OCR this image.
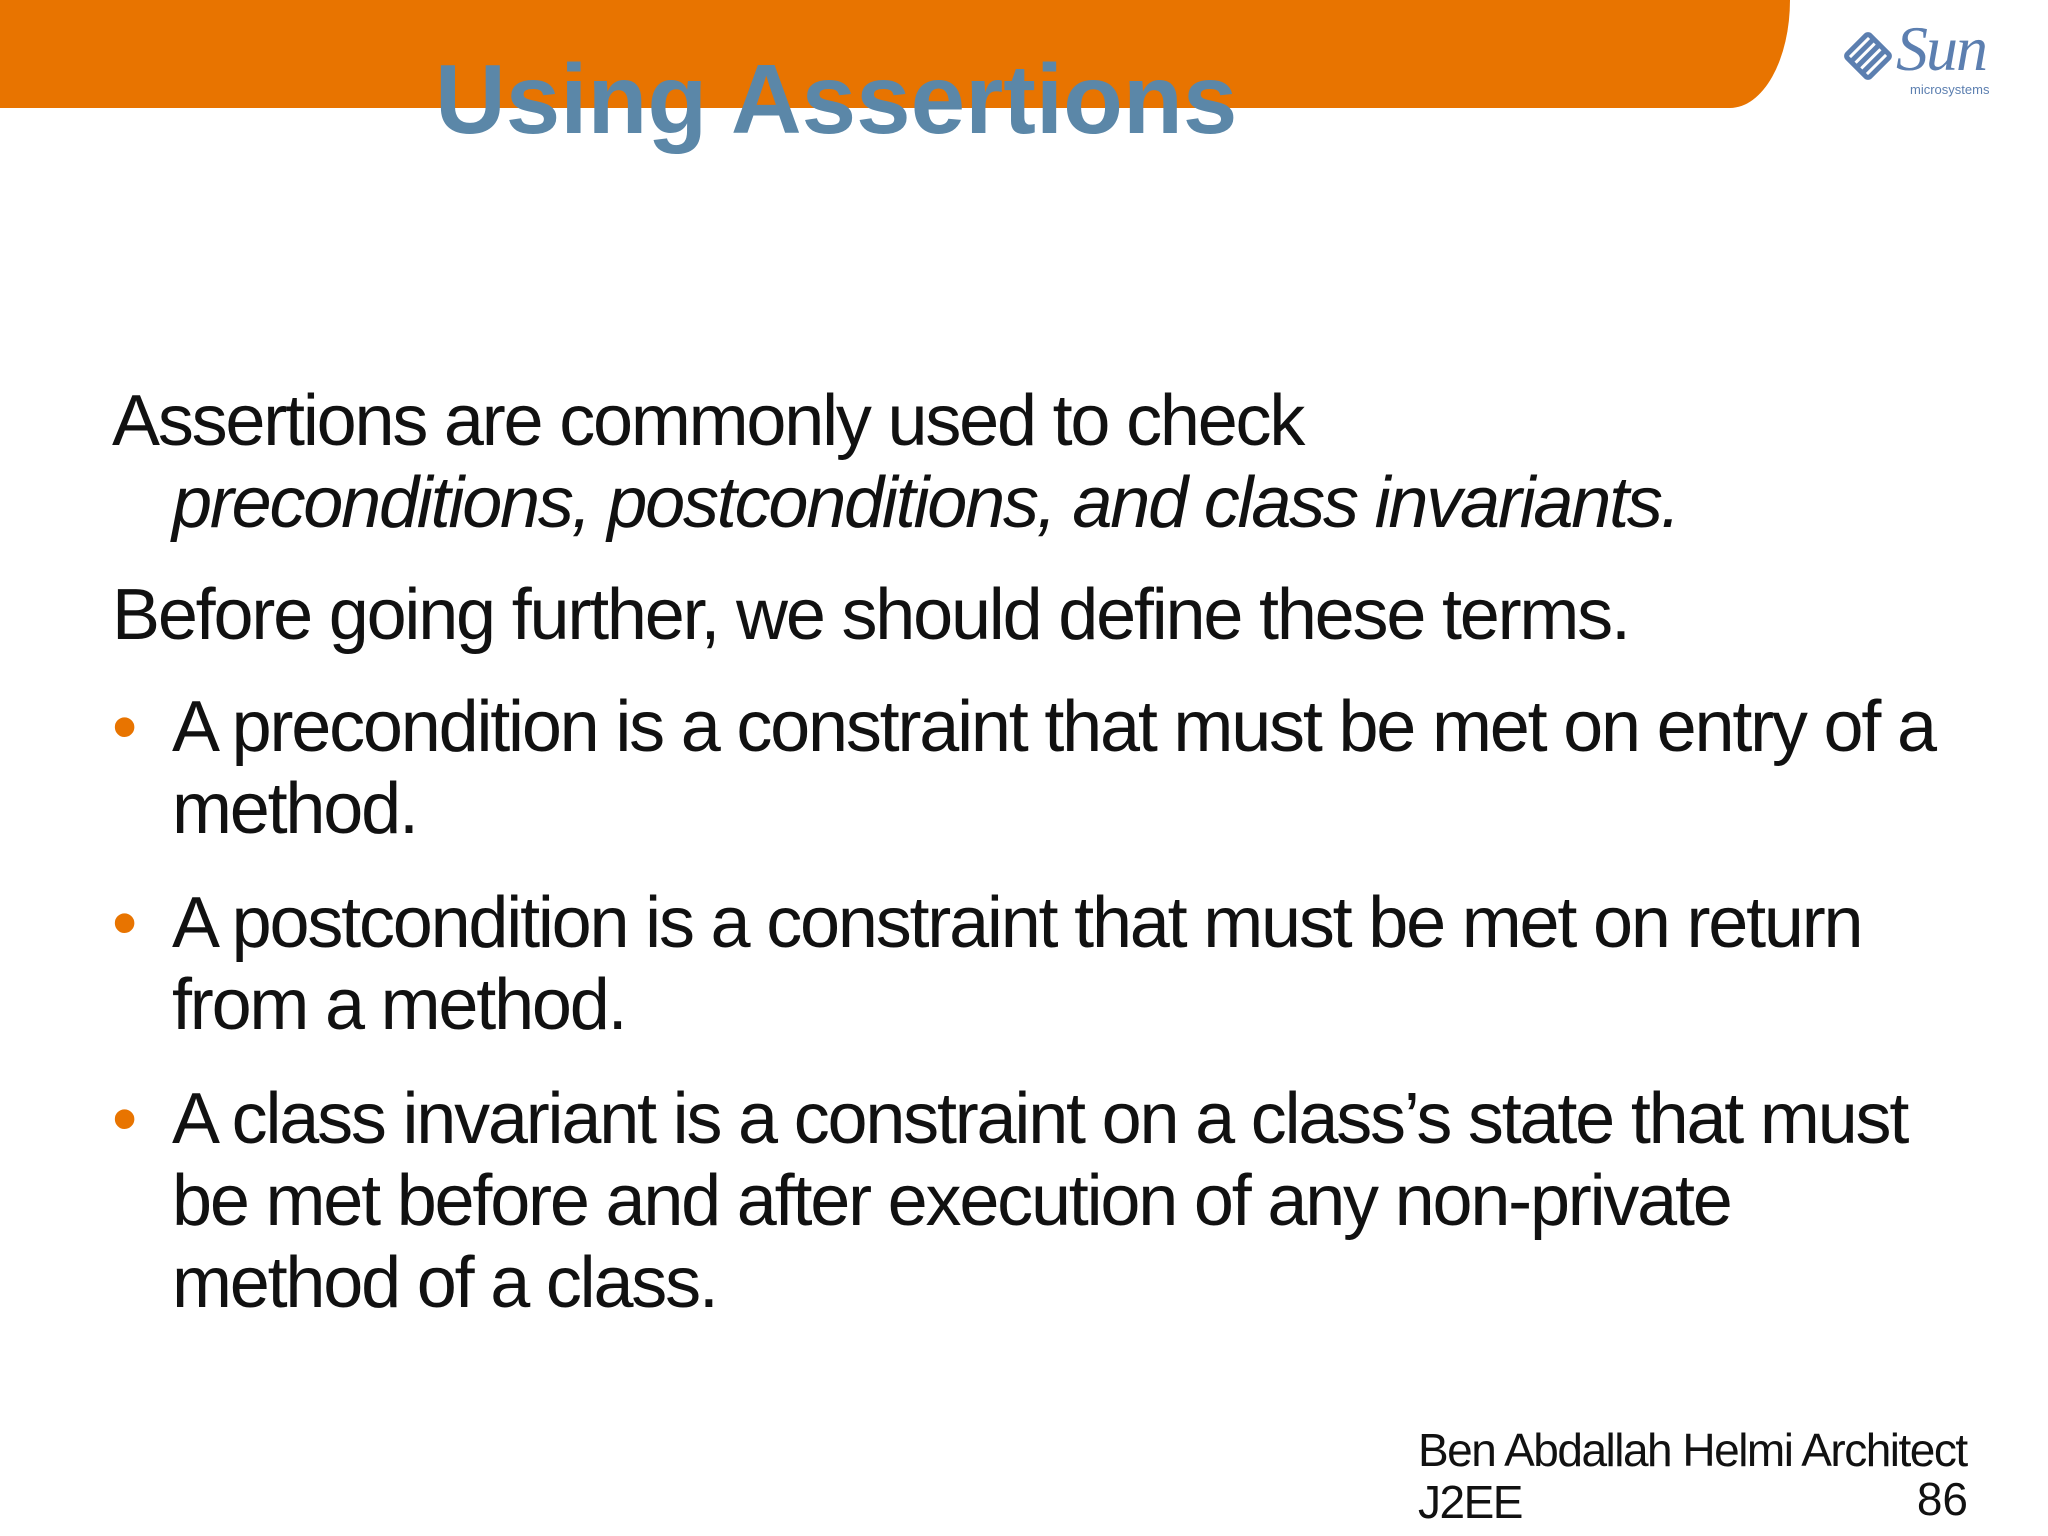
Sun
microsystems
Using Assertions

Assertions are commonly used to check
preconditions, postconditions, and class invariants.

Before going further, we should define these terms.

• A precondition is a constraint that must be met on entry of a method.
• A postcondition is a constraint that must be met on return from a method.
• A class invariant is a constraint on a class’s state that must be met before and after execution of any non-private method of a class.
Ben Abdallah Helmi Architect J2EE	86
